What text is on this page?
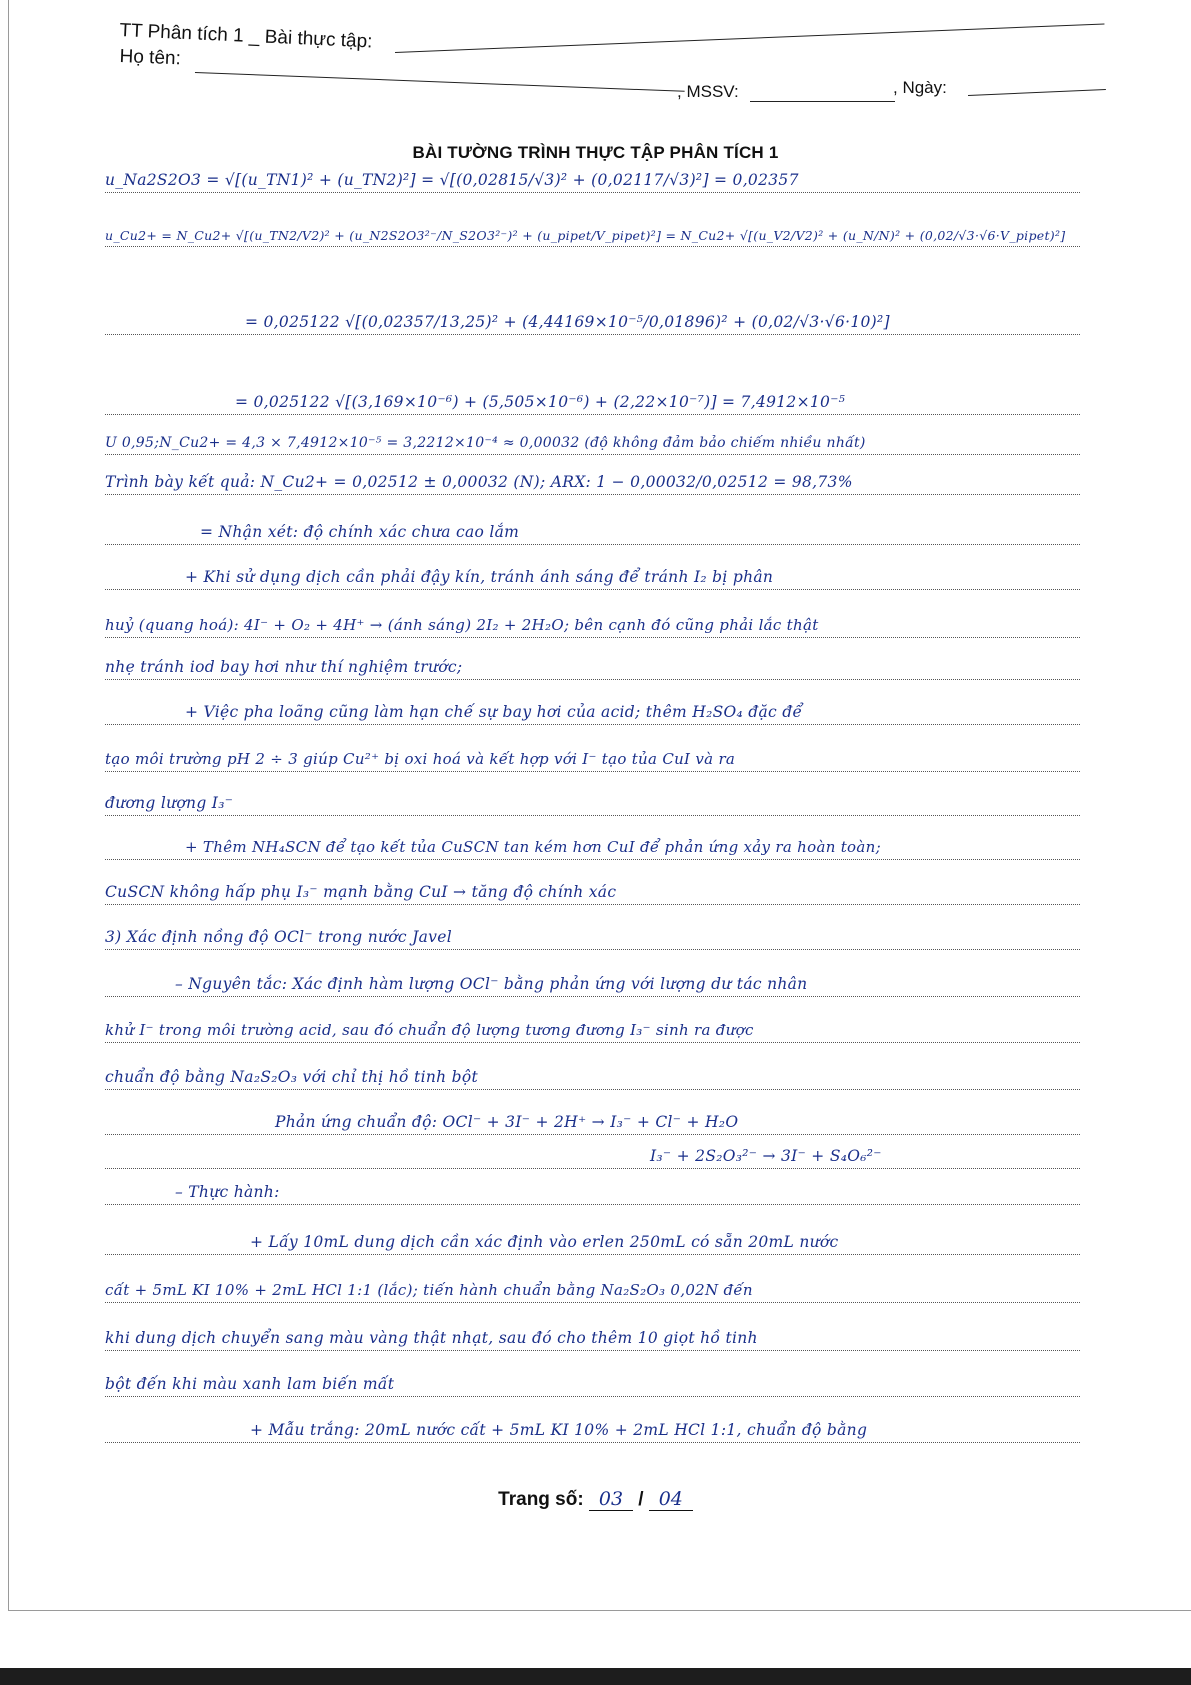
TT Phân tích 1 _ Bài thực tập:
Họ tên:
, MSSV:	, Ngày:
BÀI TƯỜNG TRÌNH THỰC TẬP PHÂN TÍCH 1
u_Na2S2O3 = √[(u_TN1)² + (u_TN2)²] = √[(0,02815/√3)² + (0,02117/√3)²] = 0,02357
u_Cu2+ = N_Cu2+ √[(u_TN2/V2)² + (u_N2S2O3²⁻/N_S2O3²⁻)² + (u_pipet/V_pipet)²] = N_Cu2+ √[(u_V2/V2)² + (u_N/N)² + (0,02/√3·√6·V_pipet)²]
= 0,025122 √[(0,02357/13,25)² + (4,44169×10⁻⁵/0,01896)² + (0,02/√3·√6·10)²]
= 0,025122 √[(3,169×10⁻⁶) + (5,505×10⁻⁶) + (2,22×10⁻⁷)] = 7,4912×10⁻⁵
U 0,95;N_Cu2+ = 4,3 × 7,4912×10⁻⁵ = 3,2212×10⁻⁴ ≈ 0,00032 (độ không đảm bảo chiếm nhiều nhất)
Trình bày kết quả: N_Cu2+ = 0,02512 ± 0,00032 (N); ARX: 1 − 0,00032/0,02512 = 98,73%
= Nhận xét: độ chính xác chưa cao lắm
+ Khi sử dụng dịch cần phải đậy kín, tránh ánh sáng để tránh I₂ bị phân
huỷ (quang hoá): 4I⁻ + O₂ + 4H⁺ → (ánh sáng) 2I₂ + 2H₂O; bên cạnh đó cũng phải lắc thật
nhẹ tránh iod bay hơi như thí nghiệm trước;
+ Việc pha loãng cũng làm hạn chế sự bay hơi của acid; thêm H₂SO₄ đặc để
tạo môi trường pH 2 ÷ 3 giúp Cu²⁺ bị oxi hoá và kết hợp với I⁻ tạo tủa CuI và ra
đương lượng I₃⁻
+ Thêm NH₄SCN để tạo kết tủa CuSCN tan kém hơn CuI để phản ứng xảy ra hoàn toàn;
CuSCN không hấp phụ I₃⁻ mạnh bằng CuI → tăng độ chính xác
3) Xác định nồng độ OCl⁻ trong nước Javel
– Nguyên tắc: Xác định hàm lượng OCl⁻ bằng phản ứng với lượng dư tác nhân
khử I⁻ trong môi trường acid, sau đó chuẩn độ lượng tương đương I₃⁻ sinh ra được
chuẩn độ bằng Na₂S₂O₃ với chỉ thị hồ tinh bột
Phản ứng chuẩn độ: OCl⁻ + 3I⁻ + 2H⁺ → I₃⁻ + Cl⁻ + H₂O
I₃⁻ + 2S₂O₃²⁻ → 3I⁻ + S₄O₆²⁻
– Thực hành:
+ Lấy 10mL dung dịch cần xác định vào erlen 250mL có sẵn 20mL nước
cất + 5mL KI 10% + 2mL HCl 1:1 (lắc); tiến hành chuẩn bằng Na₂S₂O₃ 0,02N đến
khi dung dịch chuyển sang màu vàng thật nhạt, sau đó cho thêm 10 giọt hồ tinh
bột đến khi màu xanh lam biến mất
+ Mẫu trắng: 20mL nước cất + 5mL KI 10% + 2mL HCl 1:1, chuẩn độ bằng
Trang số: 03 / 04
